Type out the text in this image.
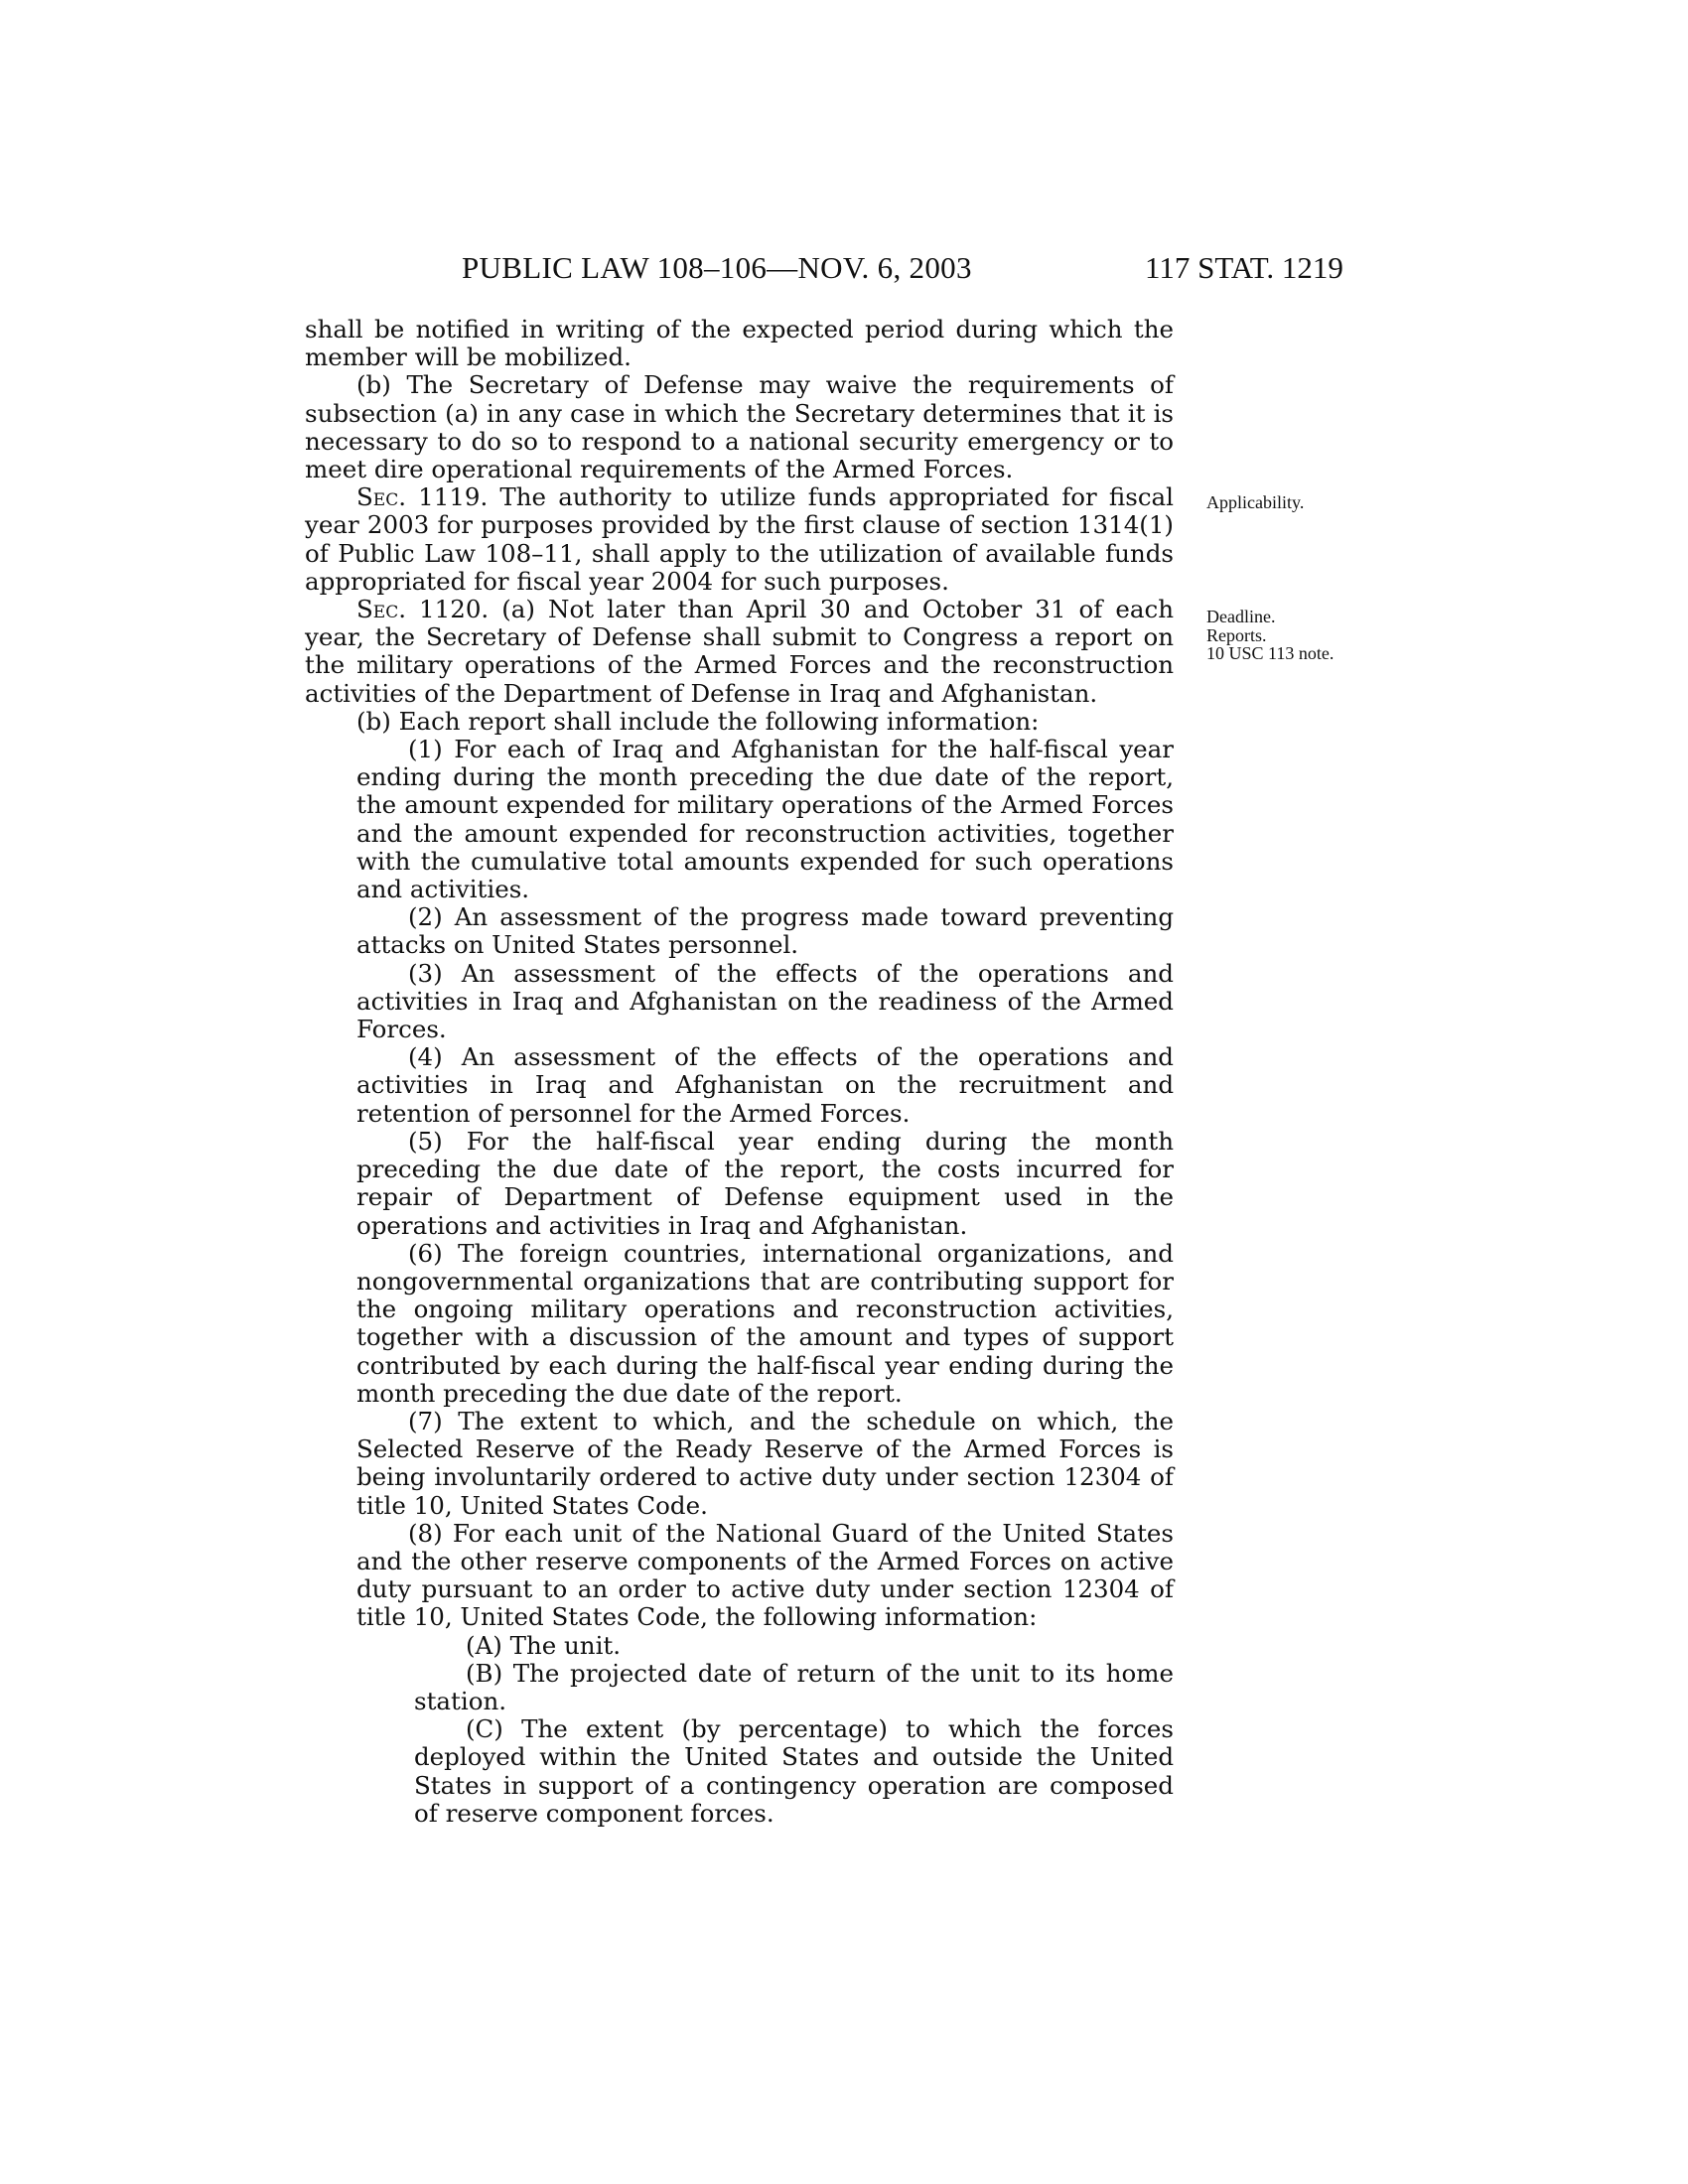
PUBLIC LAW 108–106—NOV. 6, 2003	117 STAT. 1219
Applicability.
Deadline.
Reports.
10 USC 113 note.

shall be notified in writing of the expected period during which the member will be mobilized.

(b) The Secretary of Defense may waive the requirements of subsection (a) in any case in which the Secretary determines that it is necessary to do so to respond to a national security emergency or to meet dire operational requirements of the Armed Forces.

Sec. 1119. The authority to utilize funds appropriated for fiscal year 2003 for purposes provided by the first clause of section 1314(1) of Public Law 108–11, shall apply to the utilization of available funds appropriated for fiscal year 2004 for such purposes.

Sec. 1120. (a) Not later than April 30 and October 31 of each year, the Secretary of Defense shall submit to Congress a report on the military operations of the Armed Forces and the reconstruction activities of the Department of Defense in Iraq and Afghanistan.

(b) Each report shall include the following information:

(1) For each of Iraq and Afghanistan for the half-fiscal year ending during the month preceding the due date of the report, the amount expended for military operations of the Armed Forces and the amount expended for reconstruction activities, together with the cumulative total amounts expended for such operations and activities.

(2) An assessment of the progress made toward preventing attacks on United States personnel.

(3) An assessment of the effects of the operations and activities in Iraq and Afghanistan on the readiness of the Armed Forces.

(4) An assessment of the effects of the operations and activities in Iraq and Afghanistan on the recruitment and retention of personnel for the Armed Forces.

(5) For the half-fiscal year ending during the month preceding the due date of the report, the costs incurred for repair of Department of Defense equipment used in the operations and activities in Iraq and Afghanistan.

(6) The foreign countries, international organizations, and nongovernmental organizations that are contributing support for the ongoing military operations and reconstruction activities, together with a discussion of the amount and types of support contributed by each during the half-fiscal year ending during the month preceding the due date of the report.

(7) The extent to which, and the schedule on which, the Selected Reserve of the Ready Reserve of the Armed Forces is being involuntarily ordered to active duty under section 12304 of title 10, United States Code.

(8) For each unit of the National Guard of the United States and the other reserve components of the Armed Forces on active duty pursuant to an order to active duty under section 12304 of title 10, United States Code, the following information:

(A) The unit.

(B) The projected date of return of the unit to its home station.

(C) The extent (by percentage) to which the forces deployed within the United States and outside the United States in support of a contingency operation are composed of reserve component forces.
